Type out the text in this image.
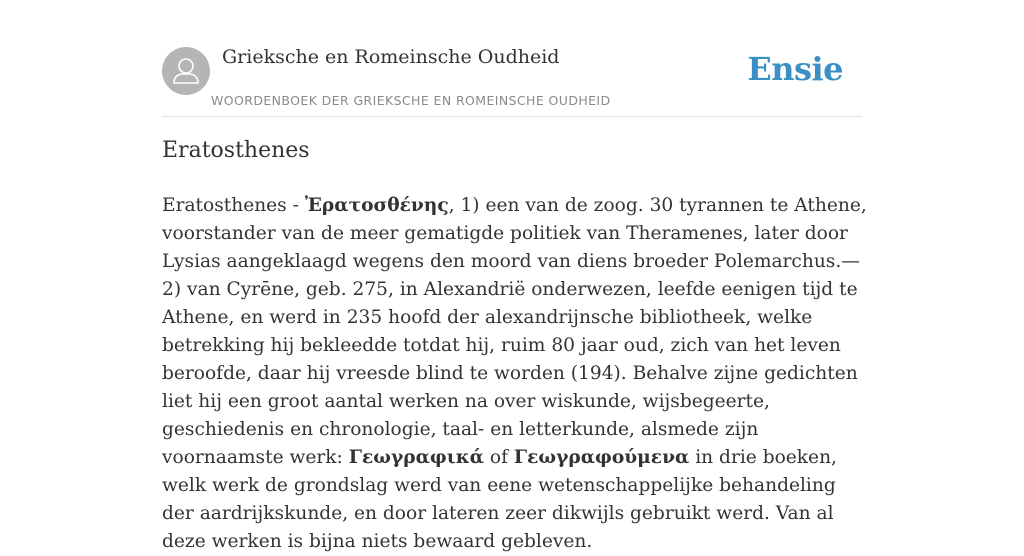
Grieksche en Romeinsche Oudheid
WOORDENBOEK DER GRIEKSCHE EN ROMEINSCHE OUDHEID
Ensie
Eratosthenes

Eratosthenes - Ἐρατοσθένης, 1) een van de zoog. 30 tyrannen te Athene, voorstander van de meer gematigde politiek van Theramenes, later door Lysias aangeklaagd wegens den moord van diens broeder Polemarchus.—2) van Cyrēne, geb. 275, in Alexandrië onderwezen, leefde eenigen tijd te Athene, en werd in 235 hoofd der alexandrijnsche bibliotheek, welke betrekking hij bekleedde totdat hij, ruim 80 jaar oud, zich van het leven beroofde, daar hij vreesde blind te worden (194). Behalve zijne gedichten liet hij een groot aantal werken na over wiskunde, wijsbegeerte, geschiedenis en chronologie, taal- en letterkunde, alsmede zijn voornaamste werk: Γεωγραφικά of Γεωγραφούμενα in drie boeken, welk werk de grondslag werd van eene wetenschappelijke behandeling der aardrijkskunde, en door lateren zeer dikwijls gebruikt werd. Van al deze werken is bijna niets bewaard gebleven.
